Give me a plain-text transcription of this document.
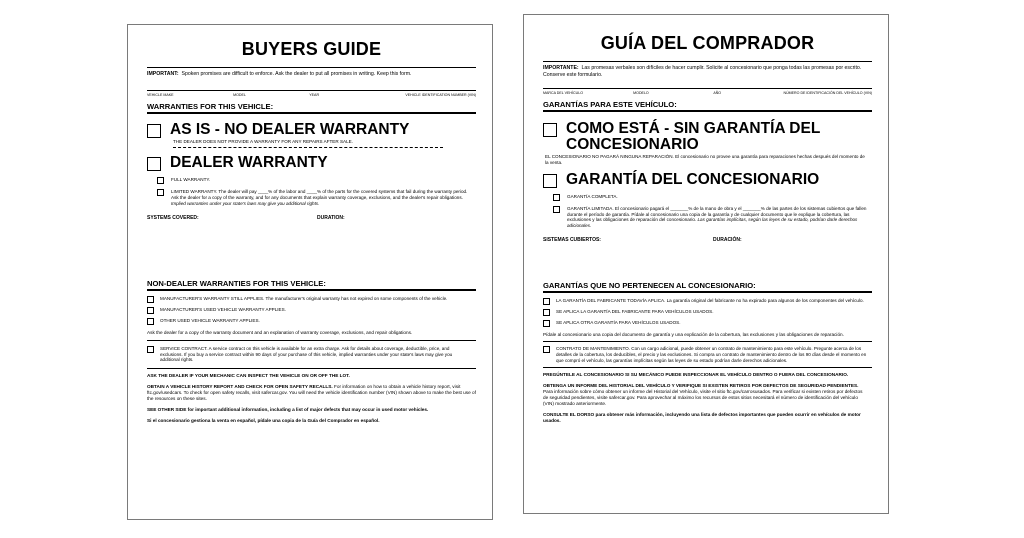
BUYERS GUIDE
IMPORTANT: Spoken promises are difficult to enforce. Ask the dealer to put all promises in writing. Keep this form.
VEHICLE MAKE	MODEL	YEAR	VEHICLE IDENTIFICATION NUMBER (VIN)
WARRANTIES FOR THIS VEHICLE:
AS IS - NO DEALER WARRANTY
THE DEALER DOES NOT PROVIDE A WARRANTY FOR ANY REPAIRS AFTER SALE.
DEALER WARRANTY
FULL WARRANTY.
LIMITED WARRANTY. The dealer will pay ____% of the labor and ____% of the parts for the covered systems that fail during the warranty period. Ask the dealer for a copy of the warranty, and for any documents that explain warranty coverage, exclusions, and the dealer's repair obligations. Implied warranties under your state's laws may give you additional rights.
SYSTEMS COVERED:	DURATION:
NON-DEALER WARRANTIES FOR THIS VEHICLE:
MANUFACTURER'S WARRANTY STILL APPLIES. The manufacturer's original warranty has not expired on some components of the vehicle.
MANUFACTURER'S USED VEHICLE WARRANTY APPLIES.
OTHER USED VEHICLE WARRANTY APPLIES.
Ask the dealer for a copy of the warranty document and an explanation of warranty coverage, exclusions, and repair obligations.
SERVICE CONTRACT. A service contract on this vehicle is available for an extra charge. Ask for details about coverage, deductible, price, and exclusions. If you buy a service contract within 90 days of your purchase of this vehicle, implied warranties under your state's laws may give you additional rights.
ASK THE DEALER IF YOUR MECHANIC CAN INSPECT THE VEHICLE ON OR OFF THE LOT.
OBTAIN A VEHICLE HISTORY REPORT AND CHECK FOR OPEN SAFETY RECALLS. For information on how to obtain a vehicle history report, visit ftc.gov/usedcars. To check for open safety recalls, visit safercar.gov. You will need the vehicle identification number (VIN) shown above to make the best use of the resources on these sites.
SEE OTHER SIDE for important additional information, including a list of major defects that may occur in used motor vehicles.
Si el concesionario gestiona la venta en español, pídale una copia de la Guía del Comprador en español.
GUÍA DEL COMPRADOR
IMPORTANTE: Las promesas verbales son difíciles de hacer cumplir. Solicite al concesionario que ponga todas las promesas por escrito. Conserve este formulario.
MARCA DEL VEHÍCULO	MODELO	AÑO	NÚMERO DE IDENTIFICACIÓN DEL VEHÍCULO (VIN)
GARANTÍAS PARA ESTE VEHÍCULO:
COMO ESTÁ - SIN GARANTÍA DEL CONCESIONARIO
EL CONCESIONARIO NO PAGARÁ NINGUNA REPARACIÓN. El concesionario no provee una garantía para reparaciones hechas después del momento de la venta.
GARANTÍA DEL CONCESIONARIO
GARANTÍA COMPLETA.
GARANTÍA LIMITADA. El concesionario pagará el _______% de la mano de obra y el _______% de las partes de los sistemas cubiertos que fallen durante el período de garantía. Pídale al concesionario una copia de la garantía y de cualquier documento que le explique la cobertura, las exclusiones y las obligaciones de reparación del concesionario. Las garantías implícitas, según las leyes de su estado, podrían darle derechos adicionales.
SISTEMAS CUBIERTOS:	DURACIÓN:
GARANTÍAS QUE NO PERTENECEN AL CONCESIONARIO:
LA GARANTÍA DEL FABRICANTE TODAVÍA APLICA. La garantía original del fabricante no ha expirado para algunos de los componentes del vehículo.
SE APLICA LA GARANTÍA DEL FABRICANTE PARA VEHÍCULOS USADOS.
SE APLICA OTRA GARANTÍA PARA VEHÍCULOS USADOS.
Pídale al concesionario una copia del documento de garantía y una explicación de la cobertura, las exclusiones y las obligaciones de reparación.
CONTRATO DE MANTENIMIENTO. Con un cargo adicional, puede obtener un contrato de mantenimiento para este vehículo. Pregunte acerca de los detalles de la cobertura, los deducibles, el precio y las exclusiones. Si compra un contrato de mantenimiento dentro de los 90 días desde el momento en que compró el vehículo, las garantías implícitas según las leyes de su estado podrían darle derechos adicionales.
PREGÚNTELE AL CONCESIONARIO SI SU MECÁNICO PUEDE INSPECCIONAR EL VEHÍCULO DENTRO O FUERA DEL CONCESIONARIO.
OBTENGA UN INFORME DEL HISTORIAL DEL VEHÍCULO Y VERIFIQUE SI EXISTEN RETIROS POR DEFECTOS DE SEGURIDAD PENDIENTES. Para información sobre cómo obtener un informe del Historial del Vehículo, visite el sitio ftc.gov/carrosusados. Para verificar si existen retiros por defectos de seguridad pendientes, visite safercar.gov. Para aprovechar al máximo los recursos de estos sitios necesitará el número de identificación del vehículo (VIN) mostrado anteriormente.
CONSULTE EL DORSO para obtener más información, incluyendo una lista de defectos importantes que pueden ocurrir en vehículos de motor usados.
